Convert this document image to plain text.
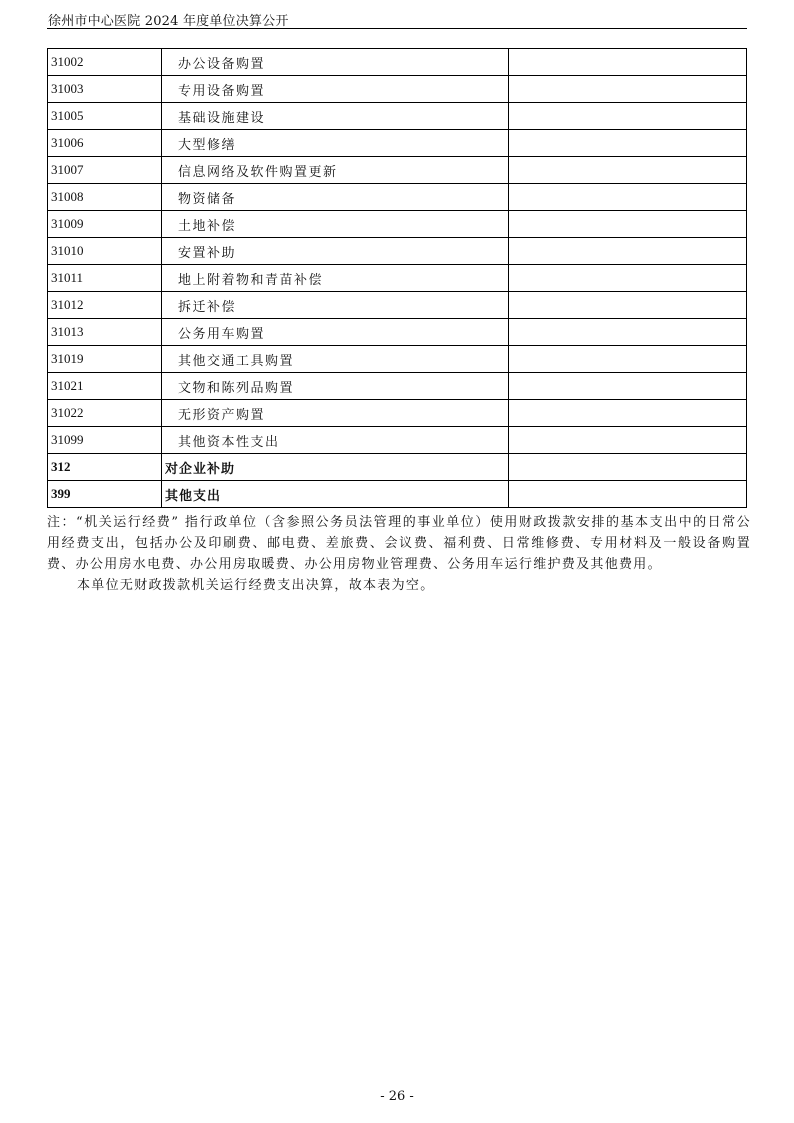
徐州市中心医院 2024 年度单位决算公开
31002	办公设备购置	
31003	专用设备购置	
31005	基础设施建设	
31006	大型修缮	
31007	信息网络及软件购置更新	
31008	物资储备	
31009	土地补偿	
31010	安置补助	
31011	地上附着物和青苗补偿	
31012	拆迁补偿	
31013	公务用车购置	
31019	其他交通工具购置	
31021	文物和陈列品购置	
31022	无形资产购置	
31099	其他资本性支出	
312	对企业补助	
399	其他支出	

注：“机关运行经费” 指行政单位（含参照公务员法管理的事业单位）使用财政拨款安排的基本支出中的日常公用经费支出，包括办公及印刷费、邮电费、差旅费、会议费、福利费、日常维修费、专用材料及一般设备购置费、办公用房水电费、办公用房取暖费、办公用房物业管理费、公务用车运行维护费及其他费用。

本单位无财政拨款机关运行经费支出决算，故本表为空。

- 26 -
